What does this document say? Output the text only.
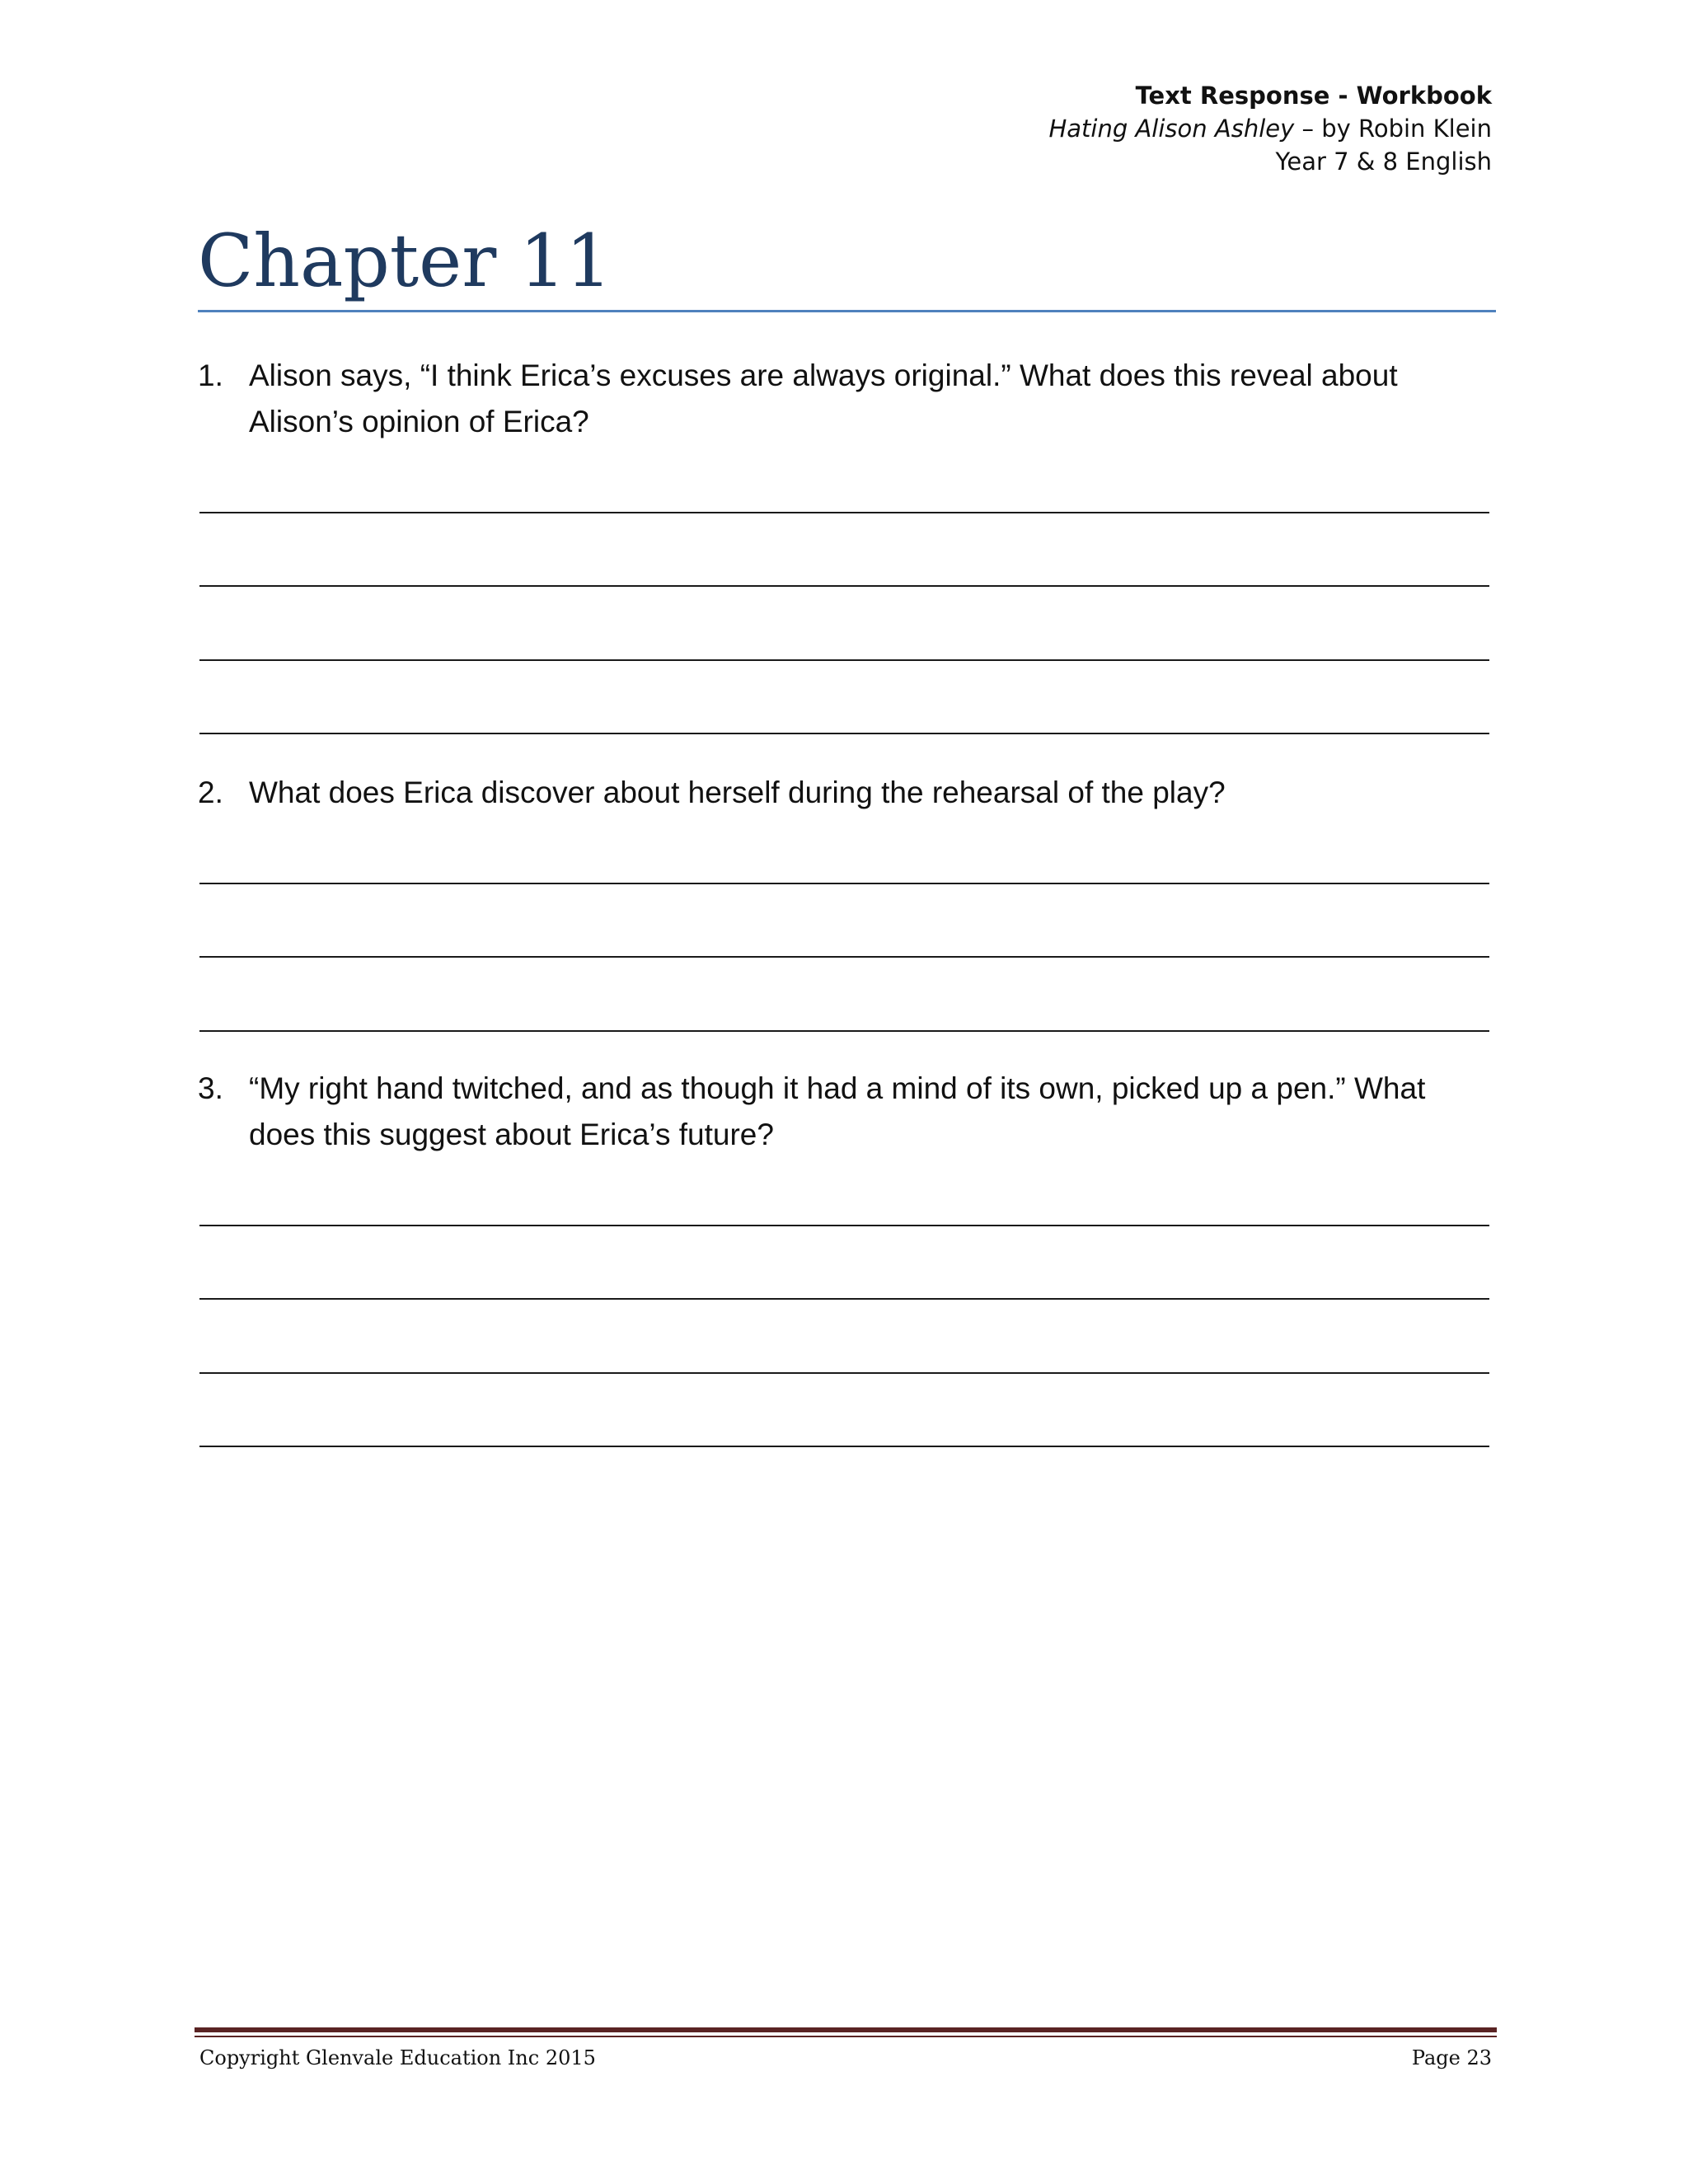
Text Response - Workbook
Hating Alison Ashley – by Robin Klein
Year 7 & 8 English
Chapter 11
1. Alison says, “I think Erica’s excuses are always original.” What does this reveal about Alison’s opinion of Erica?
2. What does Erica discover about herself during the rehearsal of the play?
3. “My right hand twitched, and as though it had a mind of its own, picked up a pen.” What does this suggest about Erica’s future?
Copyright Glenvale Education Inc 2015	Page 23
